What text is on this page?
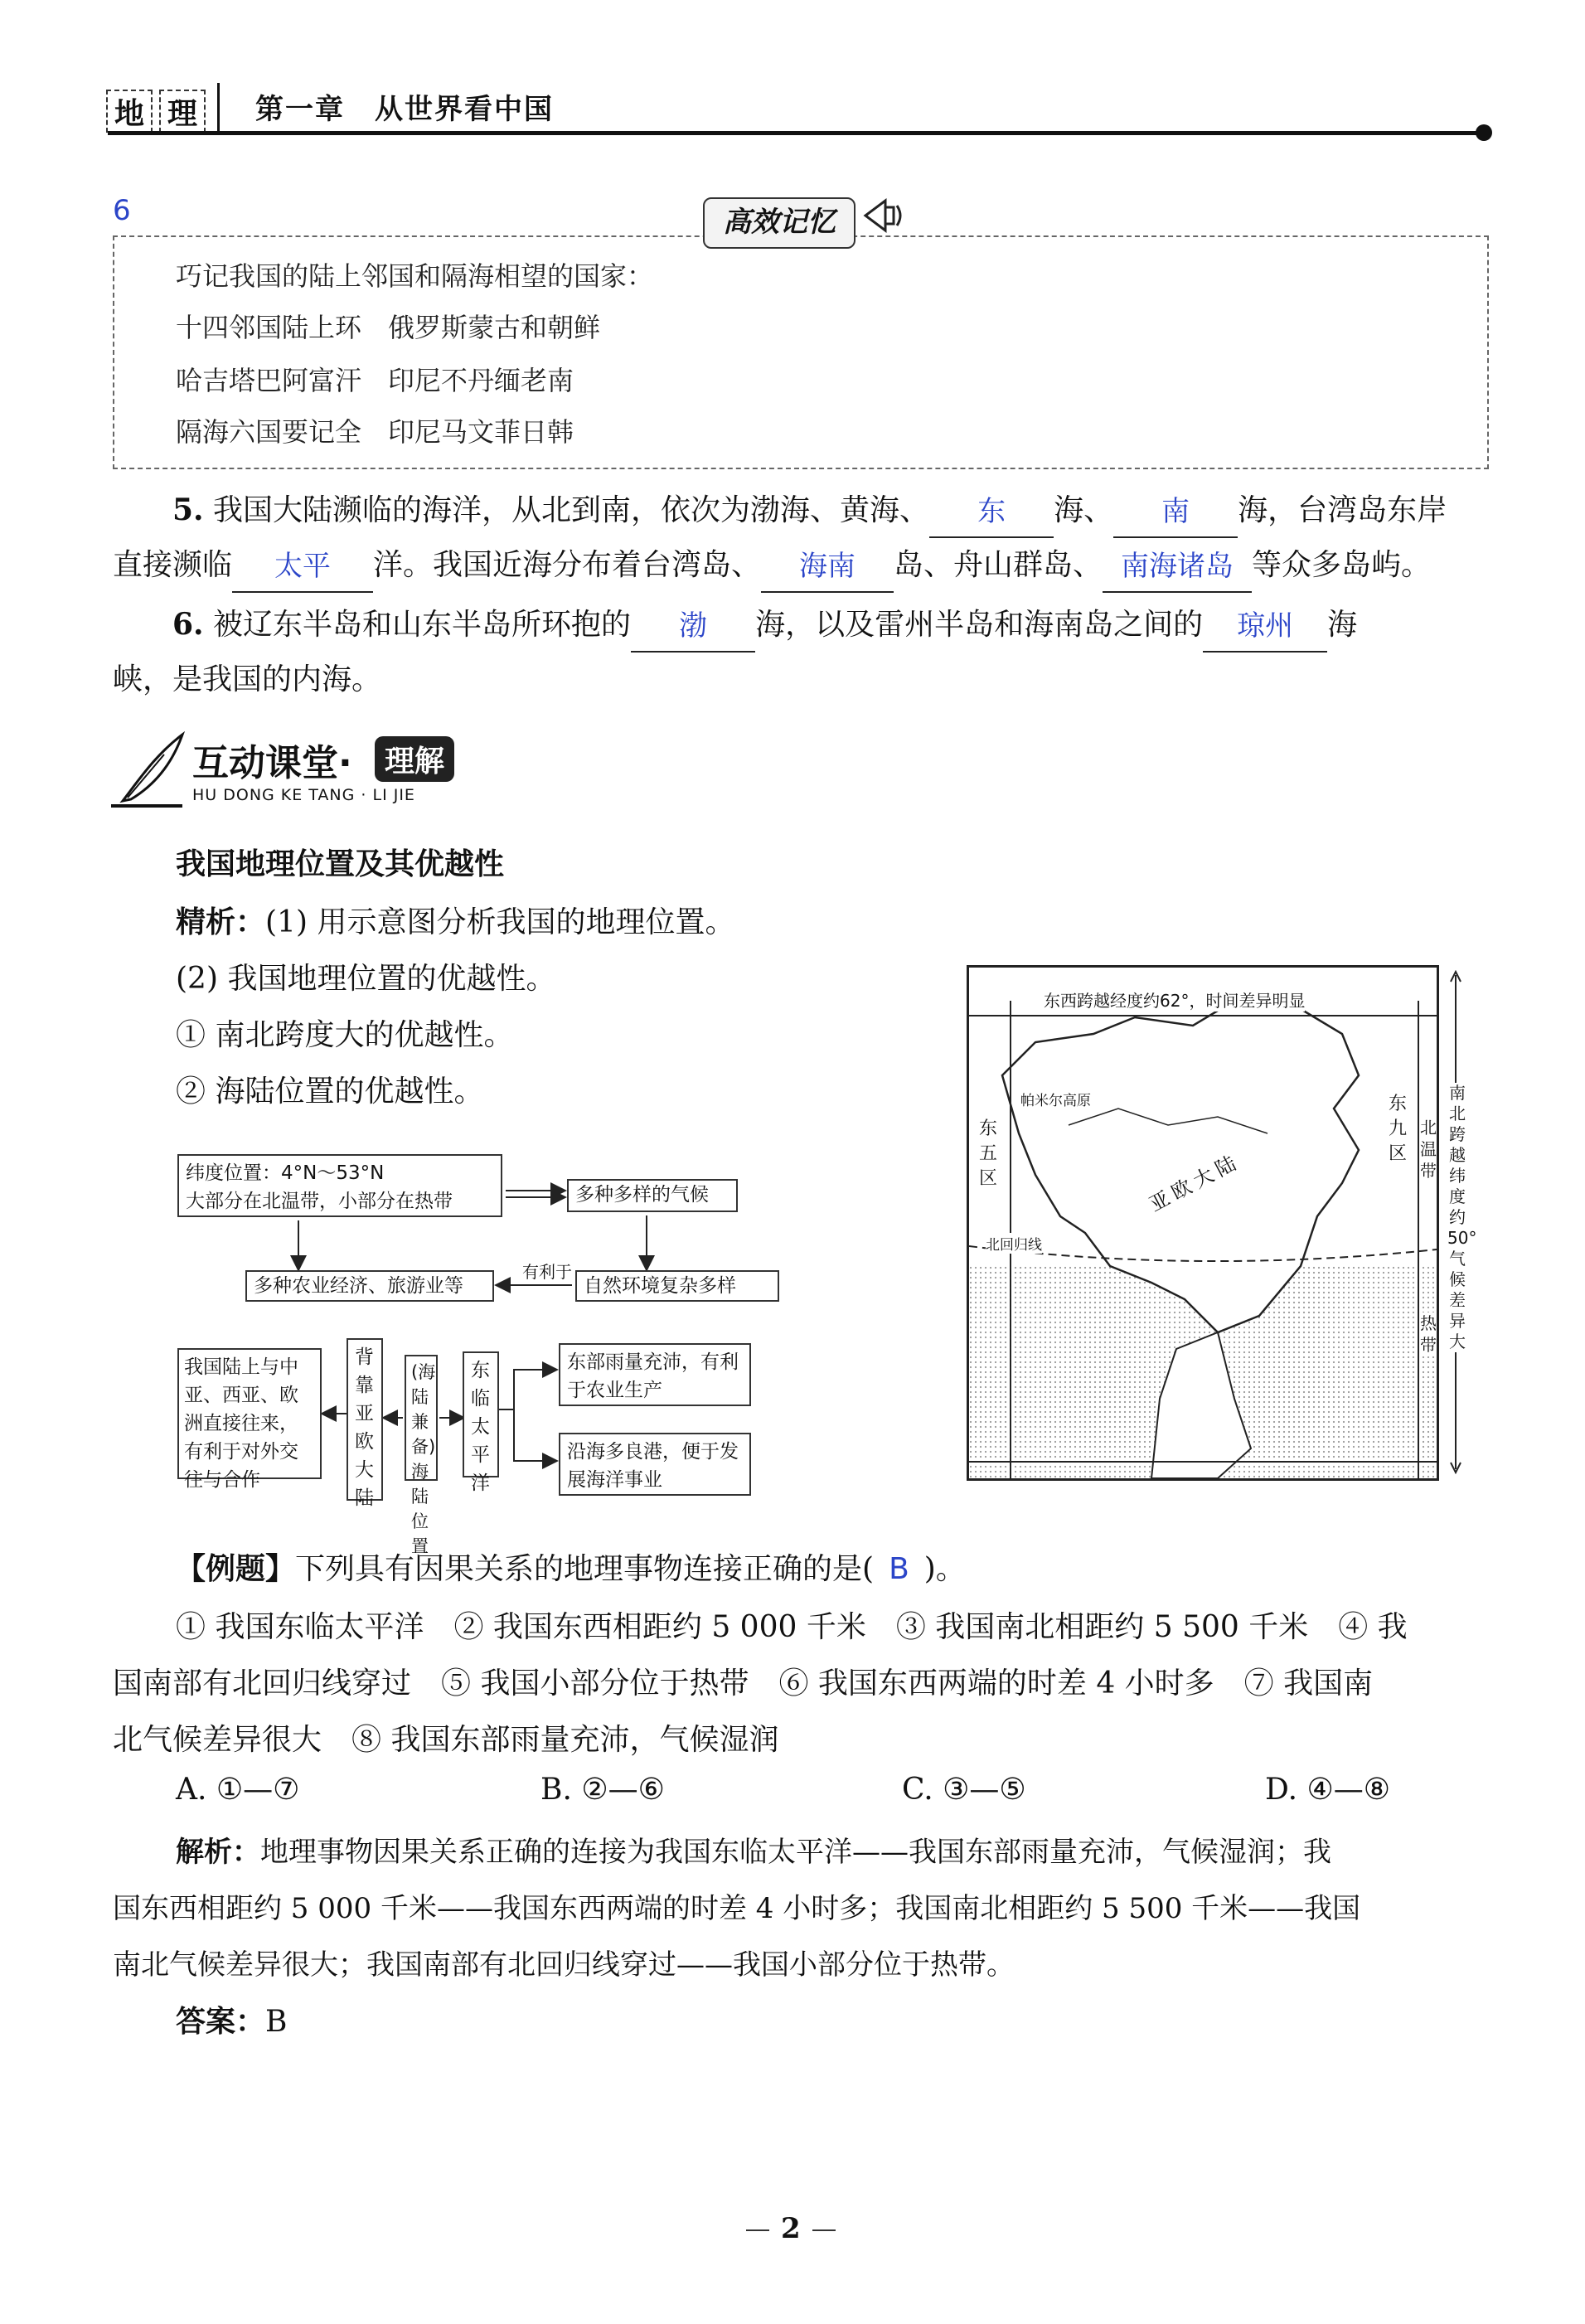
地 理 第一章　从世界看中国
6	高效记忆
巧记我国的陆上邻国和隔海相望的国家：
十四邻国陆上环　俄罗斯蒙古和朝鲜
哈吉塔巴阿富汗　印尼不丹缅老南
隔海六国要记全　印尼马文菲日韩
5. 我国大陆濒临的海洋，从北到南，依次为渤海、黄海、 东 海、 南 海，台湾岛东岸
直接濒临 太平 洋。我国近海分布着台湾岛、 海南 岛、舟山群岛、 南海诸岛 等众多岛屿。
6. 被辽东半岛和山东半岛所环抱的 渤 海，以及雷州半岛和海南岛之间的 琼州 海
峡，是我国的内海。
互动课堂·	理解
HU DONG KE TANG · LI JIE
我国地理位置及其优越性
精析：(1) 用示意图分析我国的地理位置。
(2) 我国地理位置的优越性。
① 南北跨度大的优越性。
② 海陆位置的优越性。
纬度位置：4°N～53°N
大部分在北温带，小部分在热带	多种多样的气候
多种农业经济、旅游业等
有利于
自然环境复杂多样
我国陆上与中亚、西亚、欧洲直接往来，有利于对外交往与合作
背靠亚欧大陆
(海陆兼备)海陆位置
东临太平洋
东部雨量充沛，有利于农业生产
沿海多良港，便于发展海洋事业
东西跨越经度约62°，时间差异明显
帕米尔高原
东五区
东九区
亚欧大陆
北回归线
北温带
热带
南北跨越纬度约50°气候差异大
【例题】下列具有因果关系的地理事物连接正确的是( B )。
① 我国东临太平洋　② 我国东西相距约 5 000 千米　③ 我国南北相距约 5 500 千米　④ 我
国南部有北回归线穿过　⑤ 我国小部分位于热带　⑥ 我国东西两端的时差 4 小时多　⑦ 我国南
北气候差异很大　⑧ 我国东部雨量充沛，气候湿润
A. ①—⑦	B. ②—⑥	C. ③—⑤	D. ④—⑧
解析：地理事物因果关系正确的连接为我国东临太平洋——我国东部雨量充沛，气候湿润；我
国东西相距约 5 000 千米——我国东西两端的时差 4 小时多；我国南北相距约 5 500 千米——我国
南北气候差异很大；我国南部有北回归线穿过——我国小部分位于热带。
答案：B
2
